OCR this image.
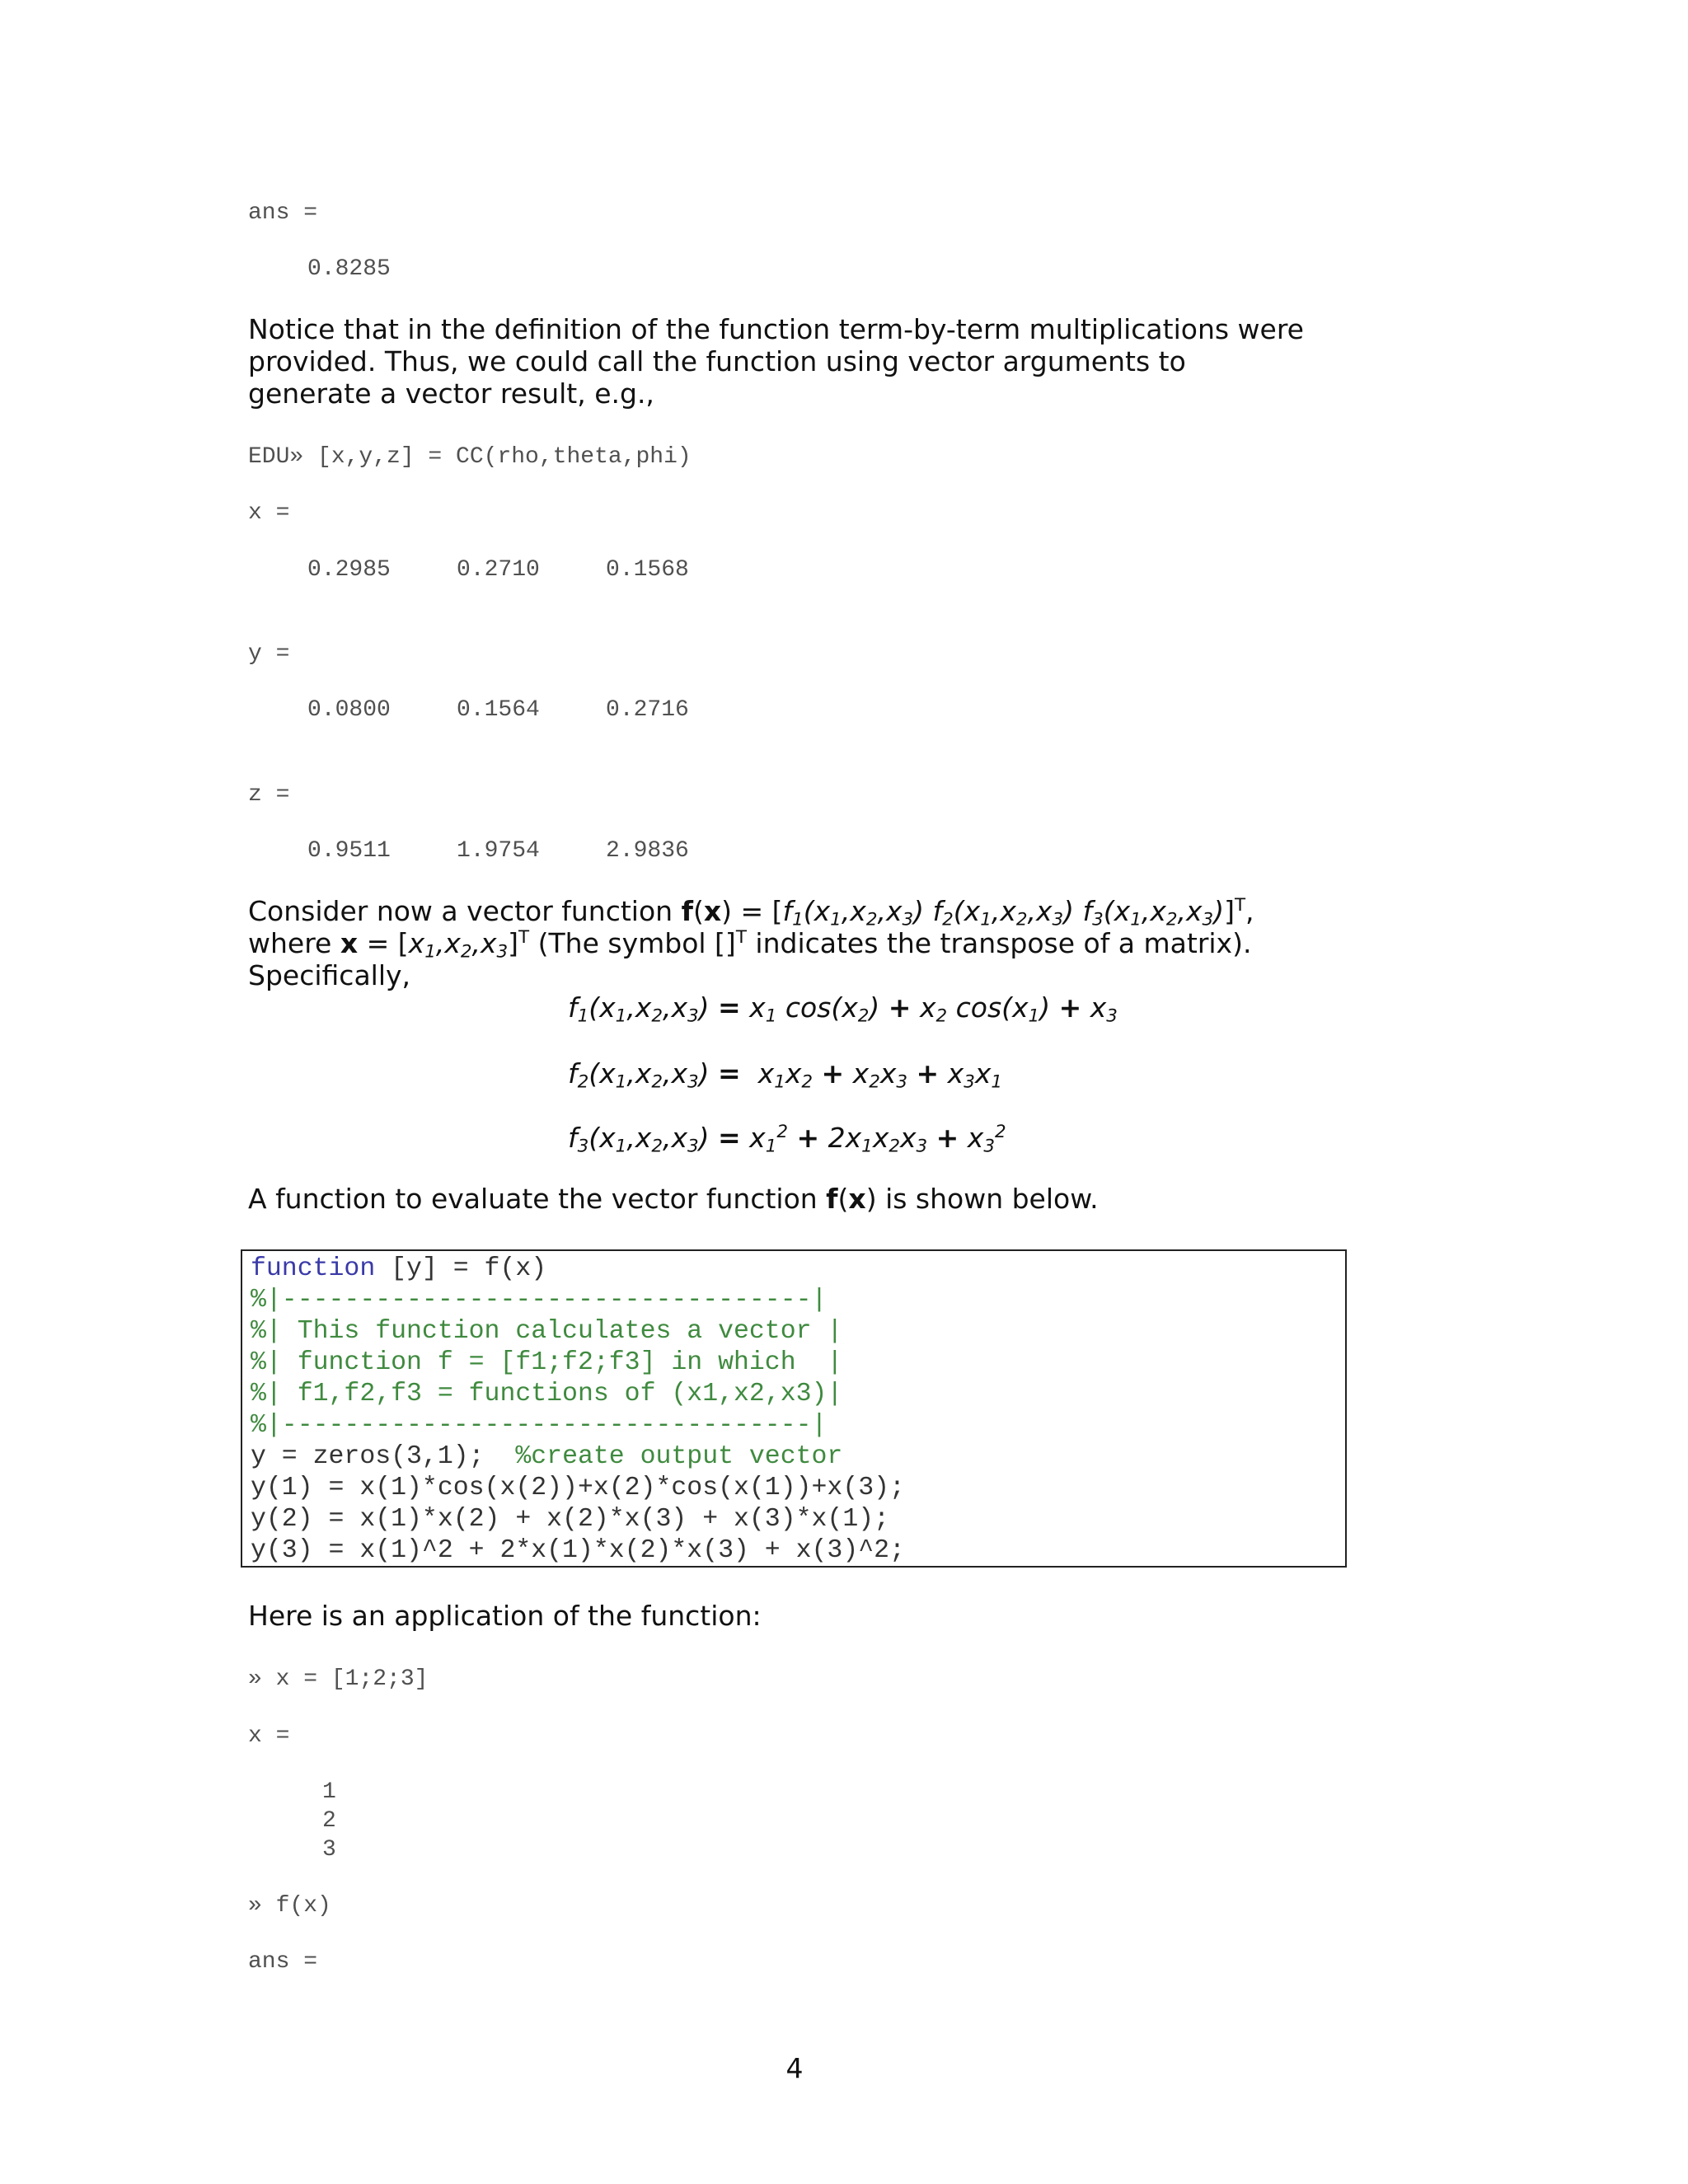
ans =
0.8285
Notice that in the definition of the function term-by-term multiplications were provided. Thus, we could call the function using vector arguments to generate a vector result, e.g.,
EDU» [x,y,z] = CC(rho,theta,phi)
x =
0.2985	0.2710	0.1568
y =
0.0800	0.1564	0.2716
z =
0.9511	1.9754	2.9836
Consider now a vector function $f(x) = [f_1(x_1,x_2,x_3)$ $f_2(x_1,x_2,x_3)$ $f_3(x_1,x_2,x_3)]^T$, where $x = [x_1,x_2,x_3]^T$ (The symbol []$^T$ indicates the transpose of a matrix). Specifically,
$f_1(x_1,x_2,x_3) = x_1$ $\cos(x_2) + x_2$ $\cos(x_1) + x_3$
$f_2(x_1,x_2,x_3) = x_1x_2 + x_2x_3 + x_3x_1$
$f_3(x_1,x_2,x_3) = x_1^2 + 2x_1x_2x_3 + x_3^2$
A function to evaluate the vector function f(x) is shown below.
function [y] = f(x)
%|----------------------------------|
%| This function calculates a vector |
%| function f = [f1;f2;f3] in which  |
%| f1,f2,f3 = functions of (x1,x2,x3)|
%|----------------------------------|
y = zeros(3,1);  %create output vector
y(1) = x(1)*cos(x(2))+x(2)*cos(x(1))+x(3);
y(2) = x(1)*x(2) + x(2)*x(3) + x(3)*x(1);
y(3) = x(1)^2 + 2*x(1)*x(2)*x(3) + x(3)^2;
Here is an application of the function:
» x = [1;2;3]
x =
1
2
3
» f(x)
ans =
4
